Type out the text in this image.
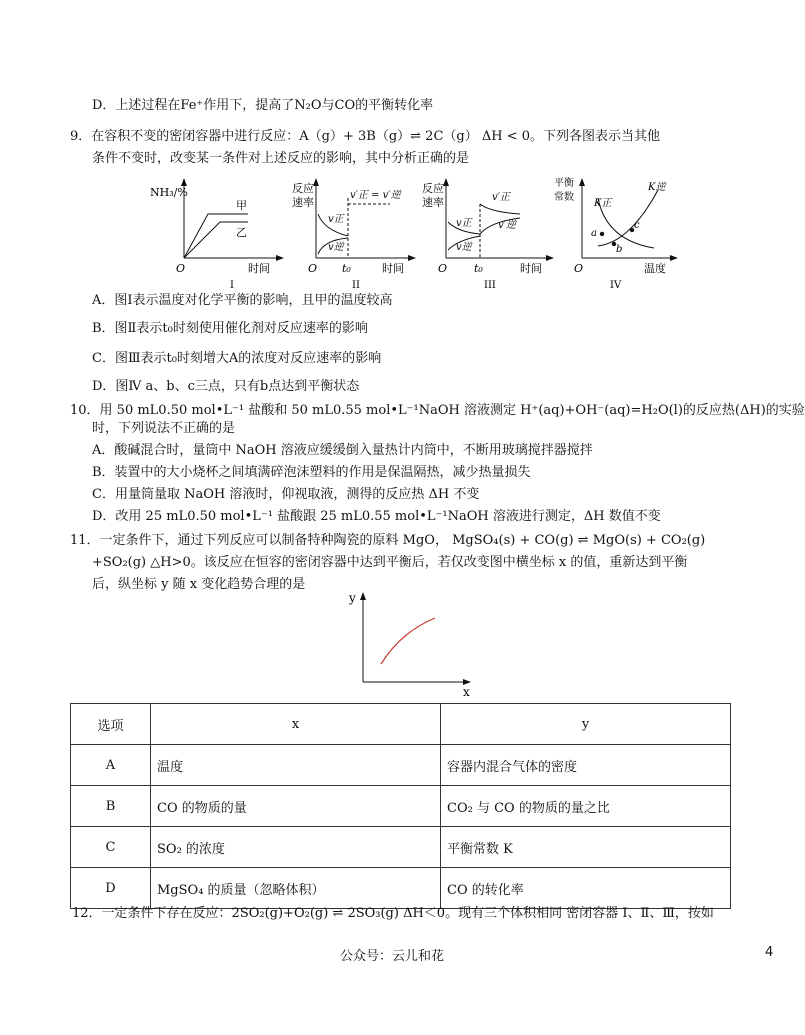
D．上述过程在Fe⁺作用下，提高了N₂O与CO的平衡转化率
9．在容积不变的密闭容器中进行反应：A（g）+ 3B（g）⇌ 2C（g） ΔH < 0。下列各图表示当其他
条件不变时，改变某一条件对上述反应的影响，其中分析正确的是
NH₃/%
甲
乙
O	时间
I
反应
速率
v′正 = v′逆
v正
v逆
O t₀	时间
II
反应
速率	v′正
v′逆
v正
v逆
O t₀	时间
III
平衡
常数
K逆
K正
a
b
c
O	温度
IV
A．图Ⅰ表示温度对化学平衡的影响，且甲的温度较高
B．图Ⅱ表示t₀时刻使用催化剂对反应速率的影响
C．图Ⅲ表示t₀时刻增大A的浓度对反应速率的影响
D．图Ⅳ a、b、c三点，只有b点达到平衡状态
10．用 50 mL0.50 mol•L⁻¹ 盐酸和 50 mL0.55 mol•L⁻¹NaOH 溶液测定 H⁺(aq)+OH⁻(aq)=H₂O(l)的反应热(ΔH)的实验
时，下列说法不正确的是
A．酸碱混合时，量筒中 NaOH 溶液应缓缓倒入量热计内筒中，不断用玻璃搅拌器搅拌
B．装置中的大小烧杯之间填满碎泡沫塑料的作用是保温隔热，减少热量损失
C．用量筒量取 NaOH 溶液时，仰视取液，测得的反应热 ΔH 不变
D．改用 25 mL0.50 mol•L⁻¹ 盐酸跟 25 mL0.55 mol•L⁻¹NaOH 溶液进行测定，ΔH 数值不变
11．一定条件下，通过下列反应可以制备特种陶瓷的原料 MgO， MgSO₄(s) + CO(g) ⇌ MgO(s) + CO₂(g)
+SO₂(g) △H>0。该反应在恒容的密闭容器中达到平衡后，若仅改变图中横坐标 x 的值，重新达到平衡
后，纵坐标 y 随 x 变化趋势合理的是
y
x
选项	x	y
A	温度	容器内混合气体的密度
B	CO 的物质的量	CO₂ 与 CO 的物质的量之比
C	SO₂ 的浓度	平衡常数 K
D	MgSO₄ 的质量（忽略体积）	CO 的转化率
12．一定条件下存在反应：2SO₂(g)+O₂(g) ⇌ 2SO₃(g) ΔH＜0。现有三个体积相同 密闭容器 Ⅰ、Ⅱ、Ⅲ，按如
公众号：云儿和花	4
